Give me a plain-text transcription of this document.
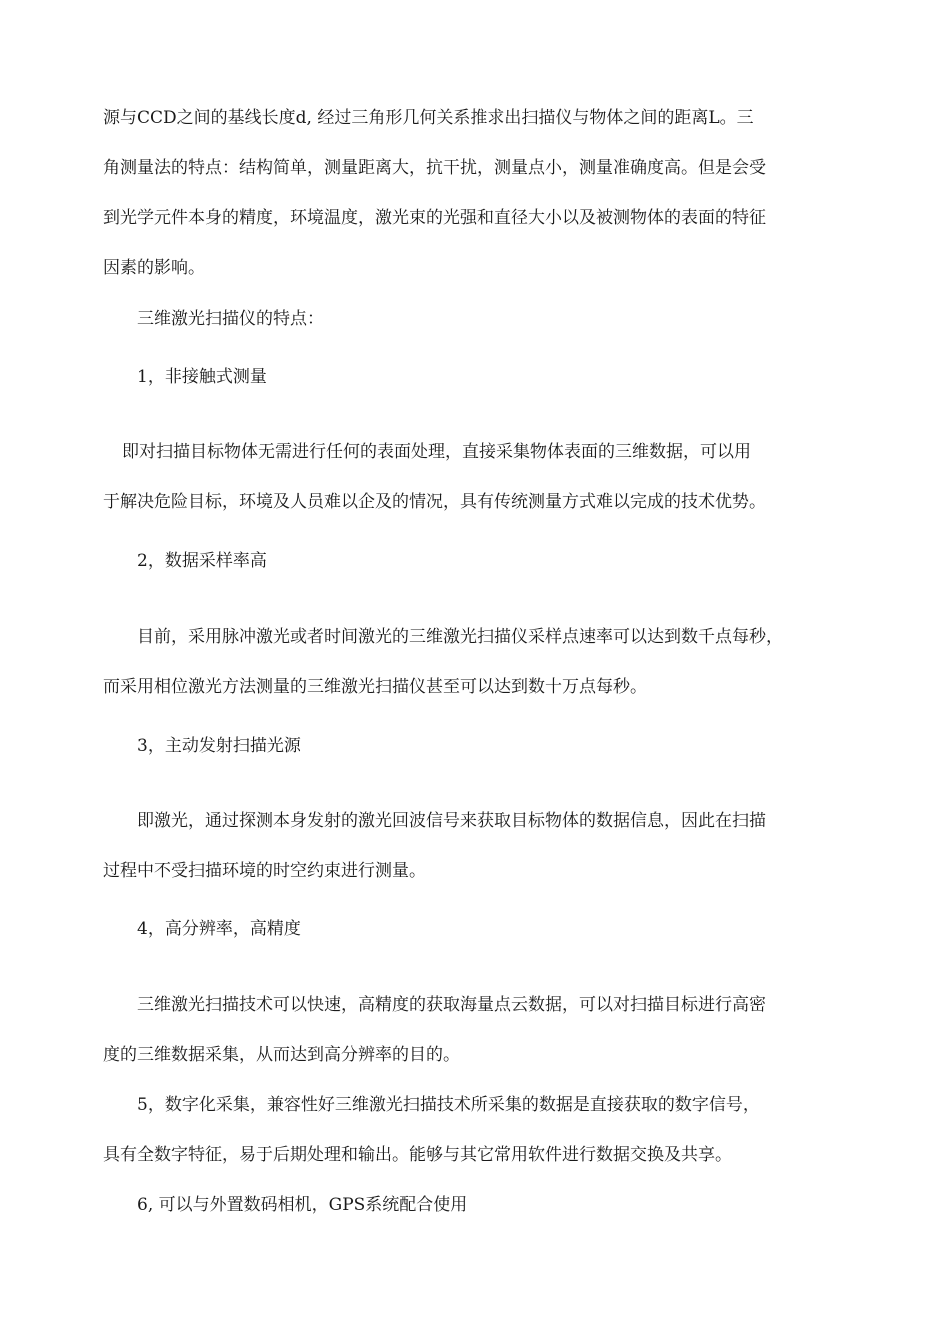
源与CCD之间的基线长度d, 经过三角形几何关系推求出扫描仪与物体之间的距离L。三
角测量法的特点：结构简单，测量距离大，抗干扰，测量点小，测量准确度高。但是会受
到光学元件本身的精度，环境温度，激光束的光强和直径大小以及被测物体的表面的特征
因素的影响。
三维激光扫描仪的特点：
1，非接触式测量
即对扫描目标物体无需进行任何的表面处理，直接采集物体表面的三维数据，可以用
于解决危险目标，环境及人员难以企及的情况，具有传统测量方式难以完成的技术优势。
2，数据采样率高
目前，采用脉冲激光或者时间激光的三维激光扫描仪采样点速率可以达到数千点每秒，
而采用相位激光方法测量的三维激光扫描仪甚至可以达到数十万点每秒。
3，主动发射扫描光源
即激光，通过探测本身发射的激光回波信号来获取目标物体的数据信息，因此在扫描
过程中不受扫描环境的时空约束进行测量。
4，高分辨率，高精度
三维激光扫描技术可以快速，高精度的获取海量点云数据，可以对扫描目标进行高密
度的三维数据采集，从而达到高分辨率的目的。
5，数字化采集，兼容性好三维激光扫描技术所采集的数据是直接获取的数字信号，
具有全数字特征，易于后期处理和输出。能够与其它常用软件进行数据交换及共享。
6, 可以与外置数码相机，GPS系统配合使用
